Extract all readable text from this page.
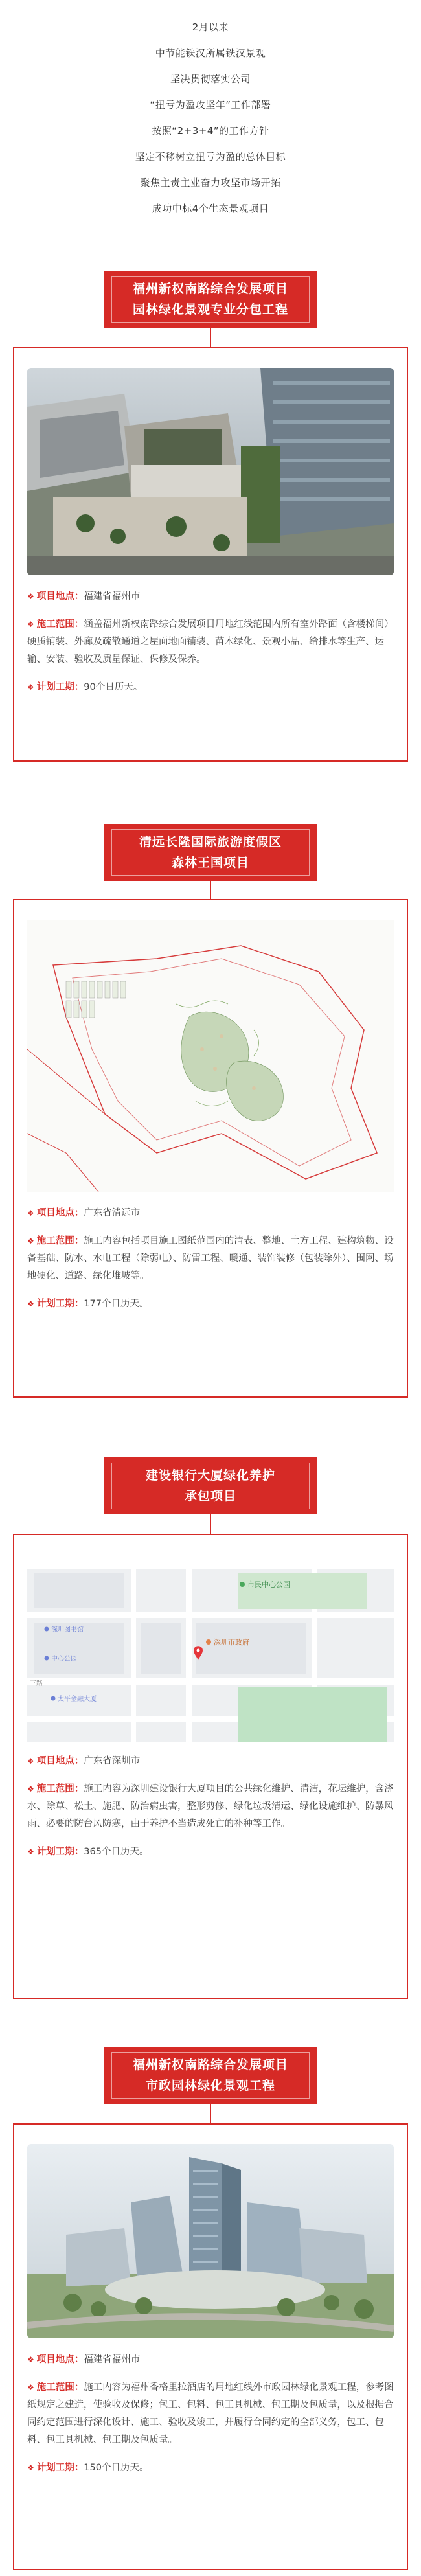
2月以来

中节能铁汉所属铁汉景观

坚决贯彻落实公司

“扭亏为盈攻坚年”工作部署

按照“2+3+4”的工作方针

坚定不移树立扭亏为盈的总体目标

聚焦主责主业奋力攻坚市场开拓

成功中标4个生态景观项目

福州新权南路综合发展项目
园林绿化景观专业分包工程
❖ 项目地点：福建省福州市
❖ 施工范围：涵盖福州新权南路综合发展项目用地红线范围内所有室外路面（含楼梯间）硬质铺装、外廊及疏散通道之屋面地面铺装、苗木绿化、景观小品、给排水等生产、运输、安装、验收及质量保证、保修及保养。
❖ 计划工期：90个日历天。
清远长隆国际旅游度假区
森林王国项目
❖ 项目地点：广东省清远市
❖ 施工范围：施工内容包括项目施工图纸范围内的清表、整地、土方工程、建构筑物、设备基础、防水、水电工程（除弱电）、防雷工程、暖通、装饰装修（包装除外）、围网、场地硬化、道路、绿化堆坡等。
❖ 计划工期：177个日历天。
建设银行大厦绿化养护
承包项目
市民中心公园
深圳市政府
深圳图书馆
中心公园
太平金融大厦
三路
❖ 项目地点：广东省深圳市
❖ 施工范围：施工内容为深圳建设银行大厦项目的公共绿化维护、清洁，花坛维护，含浇水、除草、松土、施肥、防治病虫害，整形剪修、绿化垃圾清运、绿化设施维护、防暴风雨、必要的防台风防寒，由于养护不当造成死亡的补种等工作。
❖ 计划工期：365个日历天。
福州新权南路综合发展项目
市政园林绿化景观工程
❖ 项目地点：福建省福州市
❖ 施工范围：施工内容为福州香格里拉酒店的用地红线外市政园林绿化景观工程，参考图纸规定之建造，使验收及保修；包工、包料、包工具机械、包工期及包质量，以及根据合同约定范围进行深化设计、施工、验收及竣工，并履行合同约定的全部义务，包工、包料、包工具机械、包工期及包质量。
❖ 计划工期：150个日历天。
